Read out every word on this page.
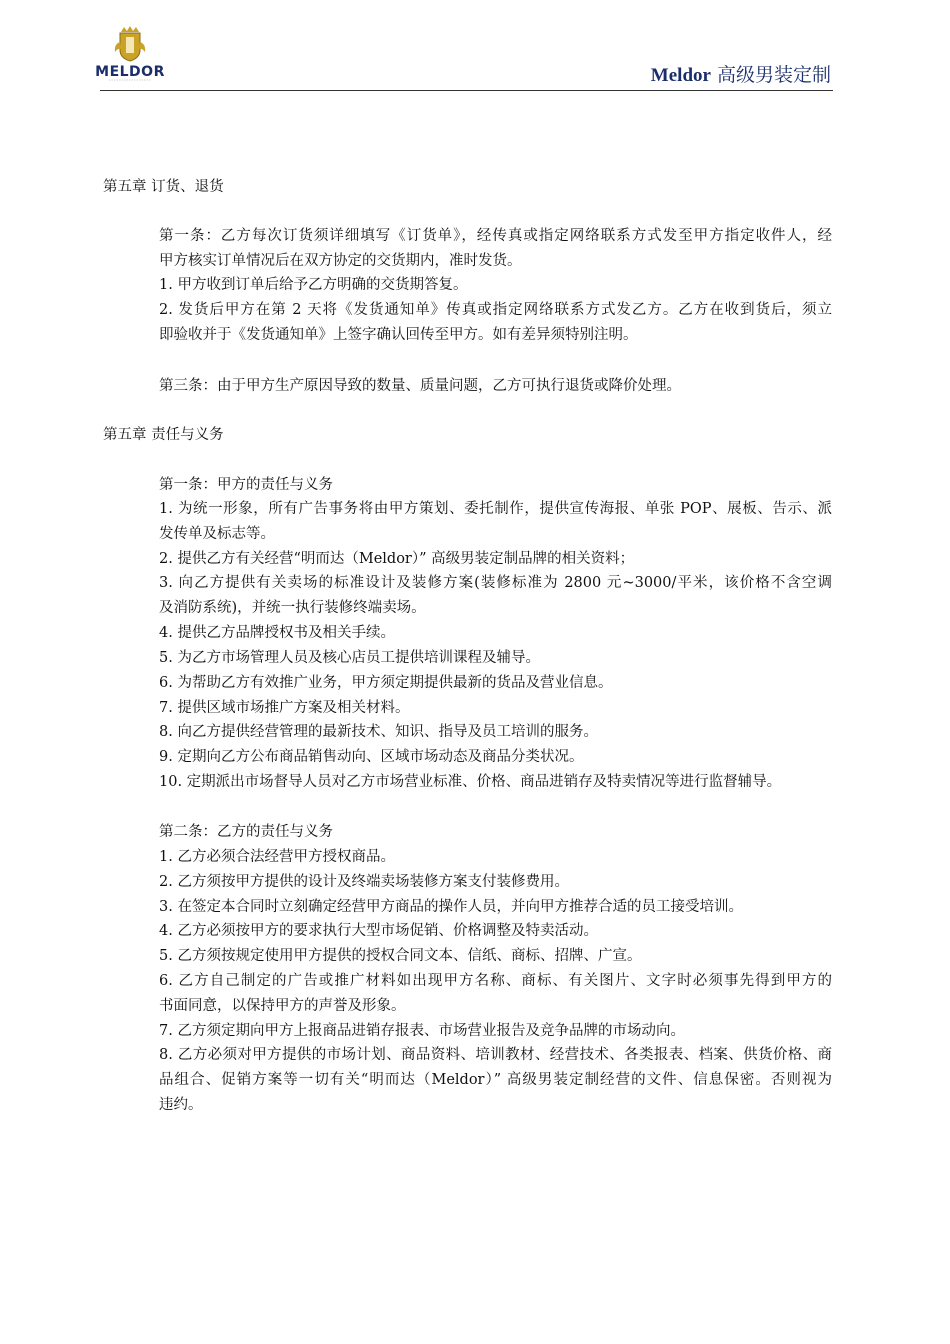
MELDOR	Meldor 高级男装定制
第五章 订货、退货
第一条：乙方每次订货须详细填写《订货单》，经传真或指定网络联系方式发至甲方指定收件人，经
甲方核实订单情况后在双方协定的交货期内，准时发货。
1. 甲方收到订单后给予乙方明确的交货期答复。
2. 发货后甲方在第 2 天将《发货通知单》传真或指定网络联系方式发乙方。乙方在收到货后，须立
即验收并于《发货通知单》上签字确认回传至甲方。如有差异须特别注明。
第三条：由于甲方生产原因导致的数量、质量问题，乙方可执行退货或降价处理。
第五章 责任与义务
第一条：甲方的责任与义务
1. 为统一形象，所有广告事务将由甲方策划、委托制作，提供宣传海报、单张 POP、展板、告示、派
发传单及标志等。
2. 提供乙方有关经营“明而达（Meldor）” 高级男装定制品牌的相关资料；
3. 向乙方提供有关卖场的标准设计及装修方案(装修标准为 2800 元~3000/平米，该价格不含空调
及消防系统)，并统一执行装修终端卖场。
4. 提供乙方品牌授权书及相关手续。
5. 为乙方市场管理人员及核心店员工提供培训课程及辅导。
6. 为帮助乙方有效推广业务，甲方须定期提供最新的货品及营业信息。
7. 提供区域市场推广方案及相关材料。
8. 向乙方提供经营管理的最新技术、知识、指导及员工培训的服务。
9. 定期向乙方公布商品销售动向、区域市场动态及商品分类状况。
10. 定期派出市场督导人员对乙方市场营业标准、价格、商品进销存及特卖情况等进行监督辅导。
第二条：乙方的责任与义务
1. 乙方必须合法经营甲方授权商品。
2. 乙方须按甲方提供的设计及终端卖场装修方案支付装修费用。
3. 在签定本合同时立刻确定经营甲方商品的操作人员，并向甲方推荐合适的员工接受培训。
4. 乙方必须按甲方的要求执行大型市场促销、价格调整及特卖活动。
5. 乙方须按规定使用甲方提供的授权合同文本、信纸、商标、招牌、广宣。
6. 乙方自己制定的广告或推广材料如出现甲方名称、商标、有关图片、文字时必须事先得到甲方的
书面同意，以保持甲方的声誉及形象。
7. 乙方须定期向甲方上报商品进销存报表、市场营业报告及竞争品牌的市场动向。
8. 乙方必须对甲方提供的市场计划、商品资料、培训教材、经营技术、各类报表、档案、供货价格、商
品组合、促销方案等一切有关“明而达（Meldor）” 高级男装定制经营的文件、信息保密。否则视为
违约。
